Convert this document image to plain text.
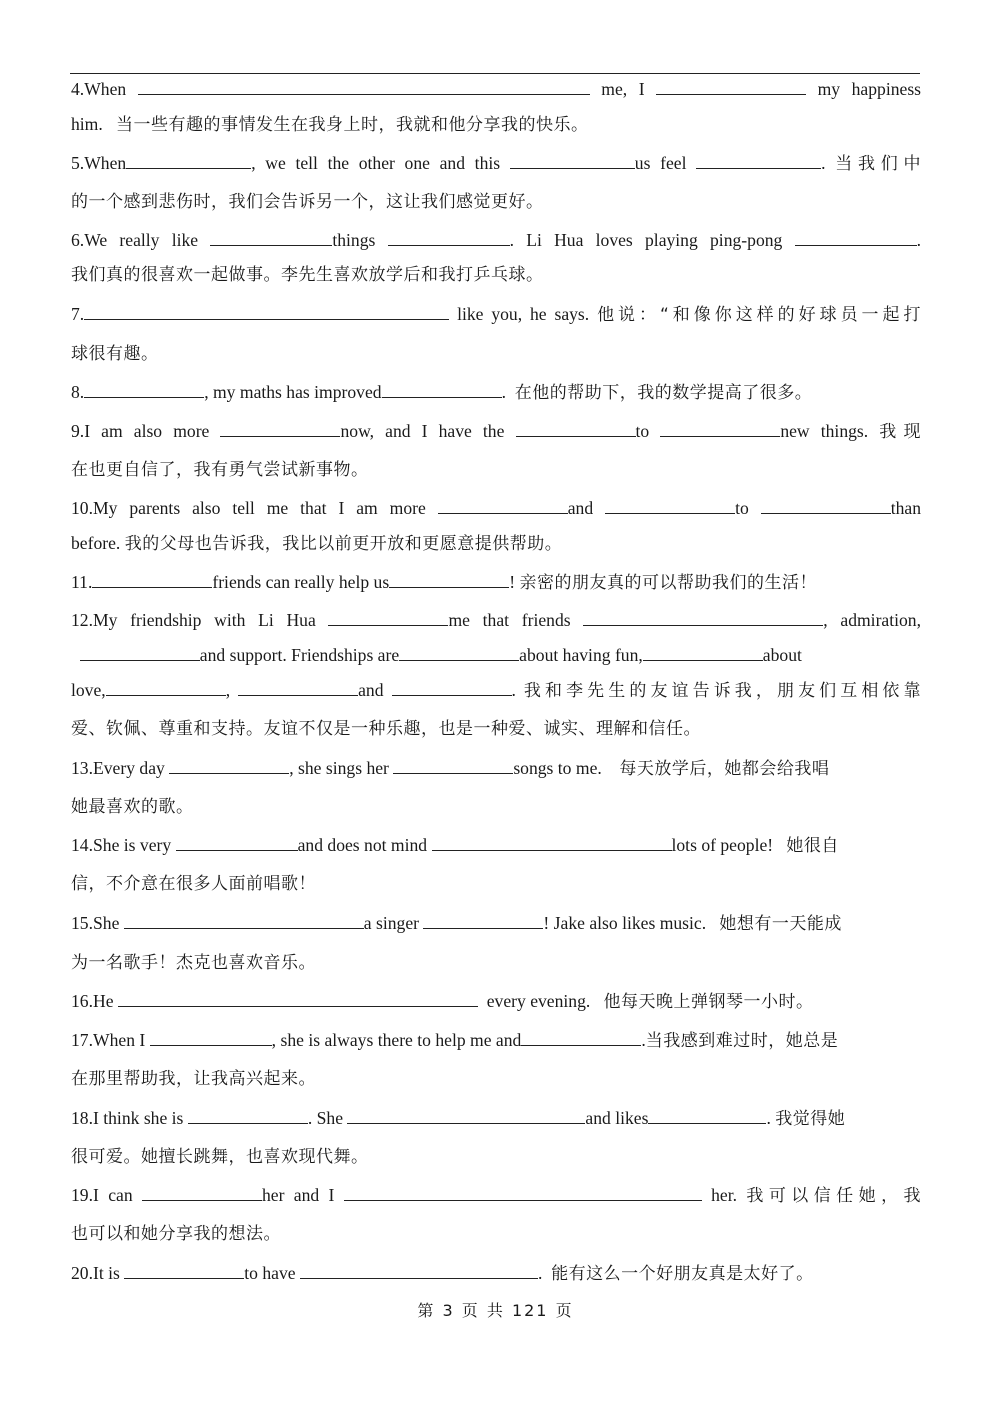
4.When	me, I	my happiness
him. 当一些有趣的事情发生在我身上时，我就和他分享我的快乐。
5.When	, we tell the other one and this	us feel	. 当我们中
的一个感到悲伤时，我们会告诉另一个，这让我们感觉更好。
6.We really like	things	. Li Hua loves playing ping-pong	.
我们真的很喜欢一起做事。李先生喜欢放学后和我打乒乓球。
7.	like you, he says. 他说：“和像你这样的好球员一起打
球很有趣。
8.	, my maths has improved	. 在他的帮助下，我的数学提高了很多。
9.I am also more	now, and I have the	to	new things. 我现
在也更自信了，我有勇气尝试新事物。
10.My parents also tell me that I am more	and	to	than
before. 我的父母也告诉我，我比以前更开放和更愿意提供帮助。
11.	friends can really help us	! 亲密的朋友真的可以帮助我们的生活！
12.My friendship with Li Hua	me that friends	, admiration,
and support. Friendships are	about having fun,	about
love,	,	and	. 我和李先生的友谊告诉我，朋友们互相依靠
爱、钦佩、尊重和支持。友谊不仅是一种乐趣，也是一种爱、诚实、理解和信任。
13.Every day	, she sings her	songs to me. 每天放学后，她都会给我唱
她最喜欢的歌。
14.She is very	and does not mind	lots of people! 她很自
信，不介意在很多人面前唱歌！
15.She	a singer	! Jake also likes music. 她想有一天能成
为一名歌手！杰克也喜欢音乐。
16.He	every evening. 他每天晚上弹钢琴一小时。
17.When I	, she is always there to help me and	.当我感到难过时，她总是
在那里帮助我，让我高兴起来。
18.I think she is	. She	and likes	. 我觉得她
很可爱。她擅长跳舞，也喜欢现代舞。
19.I can	her and I	her. 我可以信任她，我
也可以和她分享我的想法。
20.It is	to have	. 能有这么一个好朋友真是太好了。
第 3 页 共 121 页
